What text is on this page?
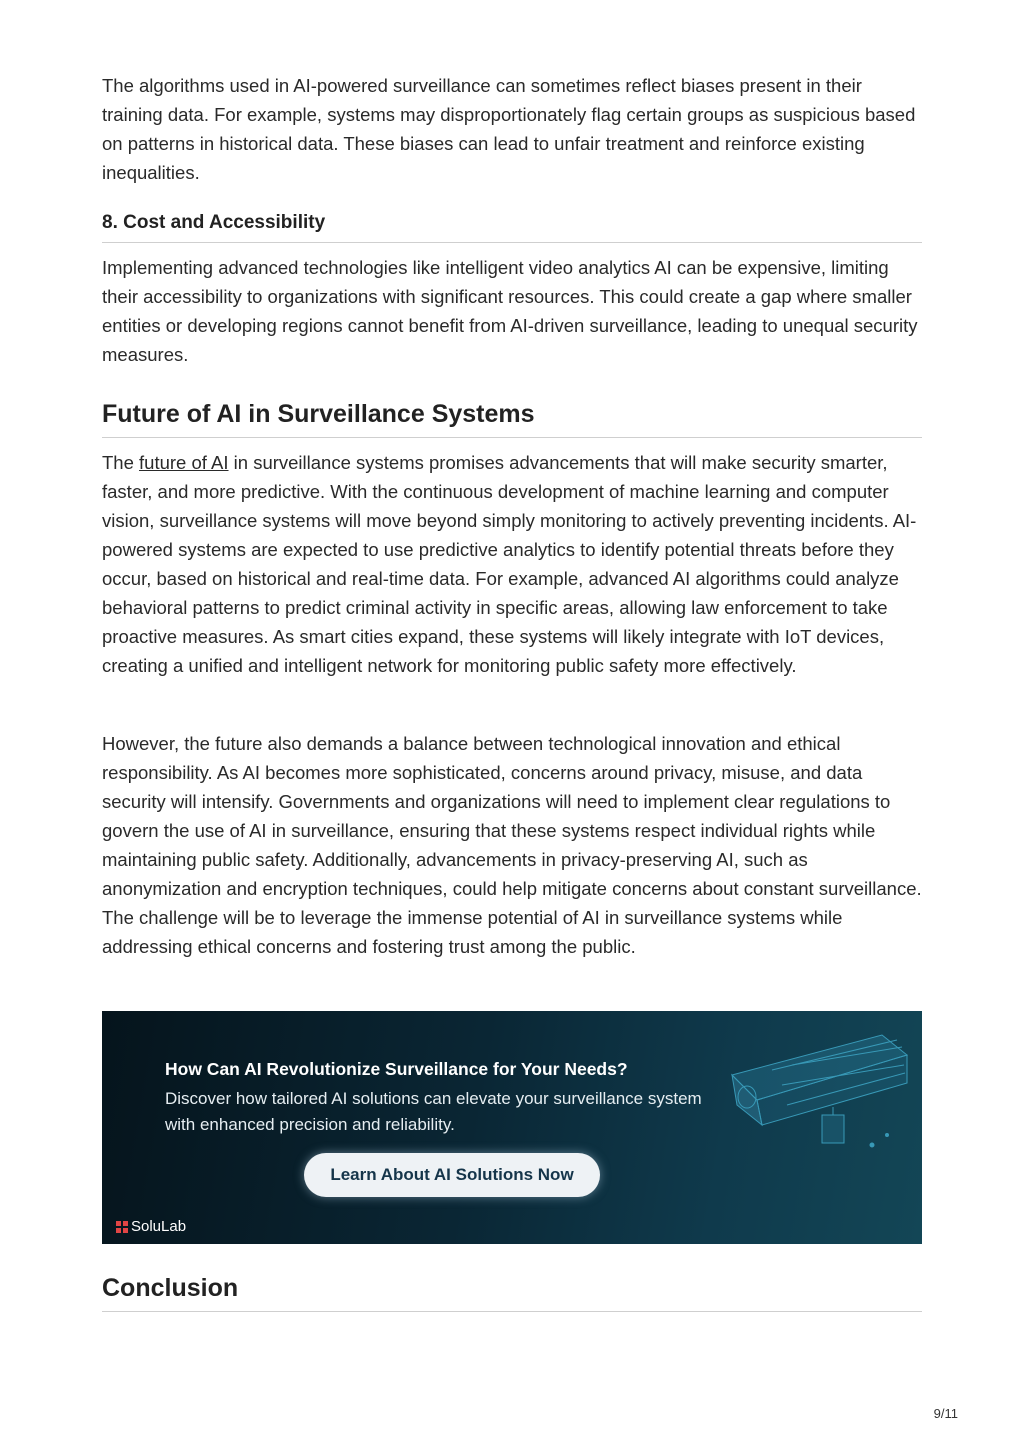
The algorithms used in AI-powered surveillance can sometimes reflect biases present in their training data. For example, systems may disproportionately flag certain groups as suspicious based on patterns in historical data. These biases can lead to unfair treatment and reinforce existing inequalities.

8. Cost and Accessibility

Implementing advanced technologies like intelligent video analytics AI can be expensive, limiting their accessibility to organizations with significant resources. This could create a gap where smaller entities or developing regions cannot benefit from AI-driven surveillance, leading to unequal security measures.

Future of AI in Surveillance Systems

The future of AI in surveillance systems promises advancements that will make security smarter, faster, and more predictive. With the continuous development of machine learning and computer vision, surveillance systems will move beyond simply monitoring to actively preventing incidents. AI-powered systems are expected to use predictive analytics to identify potential threats before they occur, based on historical and real-time data. For example, advanced AI algorithms could analyze behavioral patterns to predict criminal activity in specific areas, allowing law enforcement to take proactive measures. As smart cities expand, these systems will likely integrate with IoT devices, creating a unified and intelligent network for monitoring public safety more effectively.

However, the future also demands a balance between technological innovation and ethical responsibility. As AI becomes more sophisticated, concerns around privacy, misuse, and data security will intensify. Governments and organizations will need to implement clear regulations to govern the use of AI in surveillance, ensuring that these systems respect individual rights while maintaining public safety. Additionally, advancements in privacy-preserving AI, such as anonymization and encryption techniques, could help mitigate concerns about constant surveillance. The challenge will be to leverage the immense potential of AI in surveillance systems while addressing ethical concerns and fostering trust among the public.

Conclusion
How Can AI Revolutionize Surveillance for Your Needs?
Discover how tailored AI solutions can elevate your surveillance system with enhanced precision and reliability.
Learn About AI Solutions Now
SoluLab
9/11
